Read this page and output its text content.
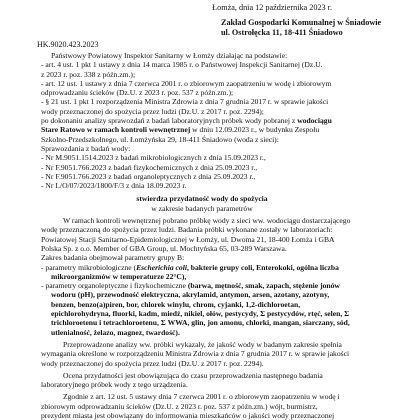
Łomża, dnia 12 października 2023 r.
Zakład Gospodarki Komunalnej w Śniadowie
ul. Ostrołęcka 11, 18-411 Śniadowo
HK.9020.423.2023
Państwowy Powiatowy Inspektor Sanitarny w Łomży działając na podstawie:
- art. 4 ust. 1 pkt 1 ustawy z dnia 14 marca 1985 r. o Państwowej Inspekcji Sanitarnej (Dz.U.
z 2023 r. poz. 338 z późn.zm.);
- art. 12 ust. 1 ustawy z dnia 7 czerwca 2001 r. o zbiorowym zaopatrzeniu w wodę i zbiorowym
odprowadzaniu ścieków (Dz.U. z 2023 r. poz. 537 z późn.zm.);
- § 21 ust. 1 pkt 1 rozporządzenia Ministra Zdrowia z dnia 7 grudnia 2017 r. w sprawie jakości
wody przeznaczonej do spożycia przez ludzi (Dz.U. z 2017 r. poz. 2294);
po dokonaniu analizy sprawozdań z badań laboratoryjnych próbek wody pobranej z wodociągu
Stare Ratowo w ramach kontroli wewnętrznej w dniu 12.09.2023 r., w budynku Zespołu
Szkolno-Przedszkolnego, ul. Łomżyńska 29, 18-411 Śniadowo (woda z sieci):
Sprawozdania z badań wody:
- Nr M.9051.1514.2023 z badań mikrobiologicznych z dnia 15.09.2023 r.,
- Nr F.9051.766.2023 z badań fizykochemicznych z dnia 25.09.2023 r.,
- Nr F.9051.766.2023 z badań organoleptycznych z dnia 25.09.2023 r.,
- Nr L/O/07/2023/1800/F/3 z dnia 18.09.2023 r.
stwierdza przydatność wody do spożycia
w zakresie badanych parametrów
W ramach kontroli wewnętrznej pobrano próbkę wody z sieci ww. wodociągu dostarczającego
wodę przeznaczoną do spożycia przez ludzi. Badania próbki wykonane zostały w laboratoriach:
Powiatowej Stacji Sanitarno-Epidemiologicznej w Łomży, ul. Dwoma 21, 18-400 Łomża i GBA
Polska Sp. z o.o. Member of GBA Group, ul. Mochtyńska 65, 03-289 Warszawa.
Zakres badania obejmował parametry grupy B:
- parametry mikrobiologiczne (Escherichia coli, bakterie grupy coli, Enterokoki, ogólna liczba
mikroorganizmów w temperaturze 22°C),
- parametry organoleptyczne i fizykochemiczne (barwa, mętność, smak, zapach, stężenie jonów
wodoru (pH), przewodność elektryczna, akrylamid, antymon, arsen, azotany, azotyny,
benzen, benzo(a)piren, bor, chlorek winylu, chrom, cyjanki, 1,2-dichloroetan,
epichlorohydryna, fluorki, kadm, miedź, nikiel, ołów, pestycydy, Σ pestycydów, rtęć, selen, Σ
trichloroetenu i tetrachloroetenu, Σ WWA, glin, jon amonu, chlorki, mangan, siarczany, sód,
utlenialność, żelazo, magnez, twardość).
Przeprowadzone analizy ww. próbki wykazały, że jakość wody w badanym zakresie spełnia
wymagania określone w rozporządzeniu Ministra Zdrowia z dnia 7 grudnia 2017 r. w sprawie jakości
wody przeznaczonej do spożycia przez ludzi (Dz.U. z 2017 r. poz. 2294).
Ocena przydatności jest obowiązująca do czasu przeprowadzenia następnego badania
laboratoryjnego próbek wody z tego urządzenia.
Zgodnie z art. 12 ust. 5 ustawy dnia 7 czerwca 2001 r. o zbiorowym zaopatrzeniu w wodę i
zbiorowym odprowadzaniu ścieków (Dz.U. z 2023 r. poz. 537 z późn.zm.) wójt, burmistrz,
prezydent miasta jest obowiązany do informowania mieszkańców o jakości wody przeznaczonej
